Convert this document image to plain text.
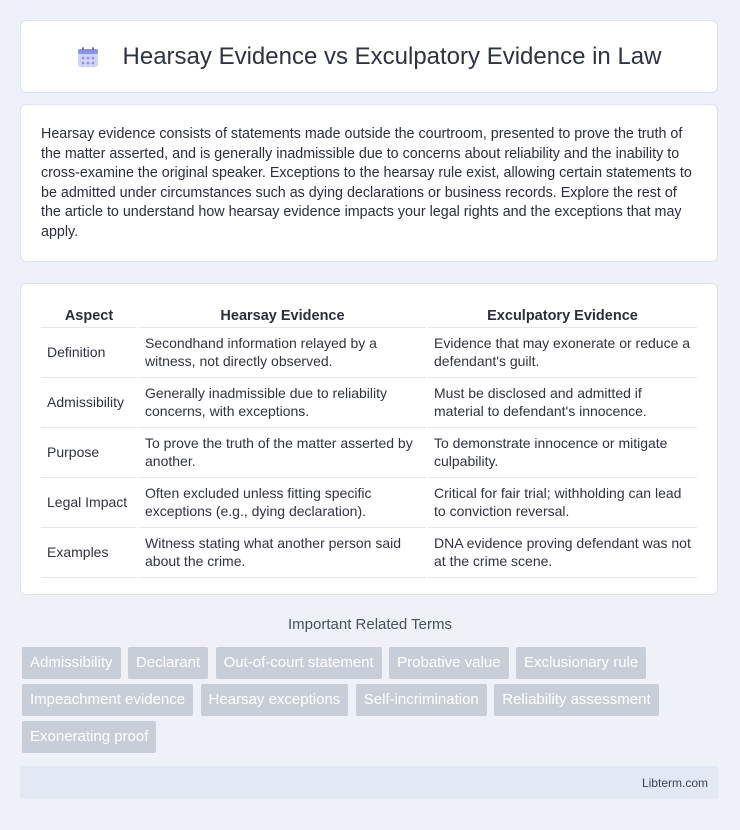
Hearsay Evidence vs Exculpatory Evidence in Law

Hearsay evidence consists of statements made outside the courtroom, presented to prove the truth of the matter asserted, and is generally inadmissible due to concerns about reliability and the inability to cross-examine the original speaker. Exceptions to the hearsay rule exist, allowing certain statements to be admitted under circumstances such as dying declarations or business records. Explore the rest of the article to understand how hearsay evidence impacts your legal rights and the exceptions that may apply.

Aspect	Hearsay Evidence	Exculpatory Evidence
Definition	Secondhand information relayed by a witness, not directly observed.	Evidence that may exonerate or reduce a defendant's guilt.
Admissibility	Generally inadmissible due to reliability concerns, with exceptions.	Must be disclosed and admitted if material to defendant's innocence.
Purpose	To prove the truth of the matter asserted by another.	To demonstrate innocence or mitigate culpability.
Legal Impact	Often excluded unless fitting specific exceptions (e.g., dying declaration).	Critical for fair trial; withholding can lead to conviction reversal.
Examples	Witness stating what another person said about the crime.	DNA evidence proving defendant was not at the crime scene.
Important Related Terms
Admissibility Declarant Out-of-court statement Probative value Exclusionary rule Impeachment evidence Hearsay exceptions Self-incrimination Reliability assessment Exonerating proof
Libterm.com
